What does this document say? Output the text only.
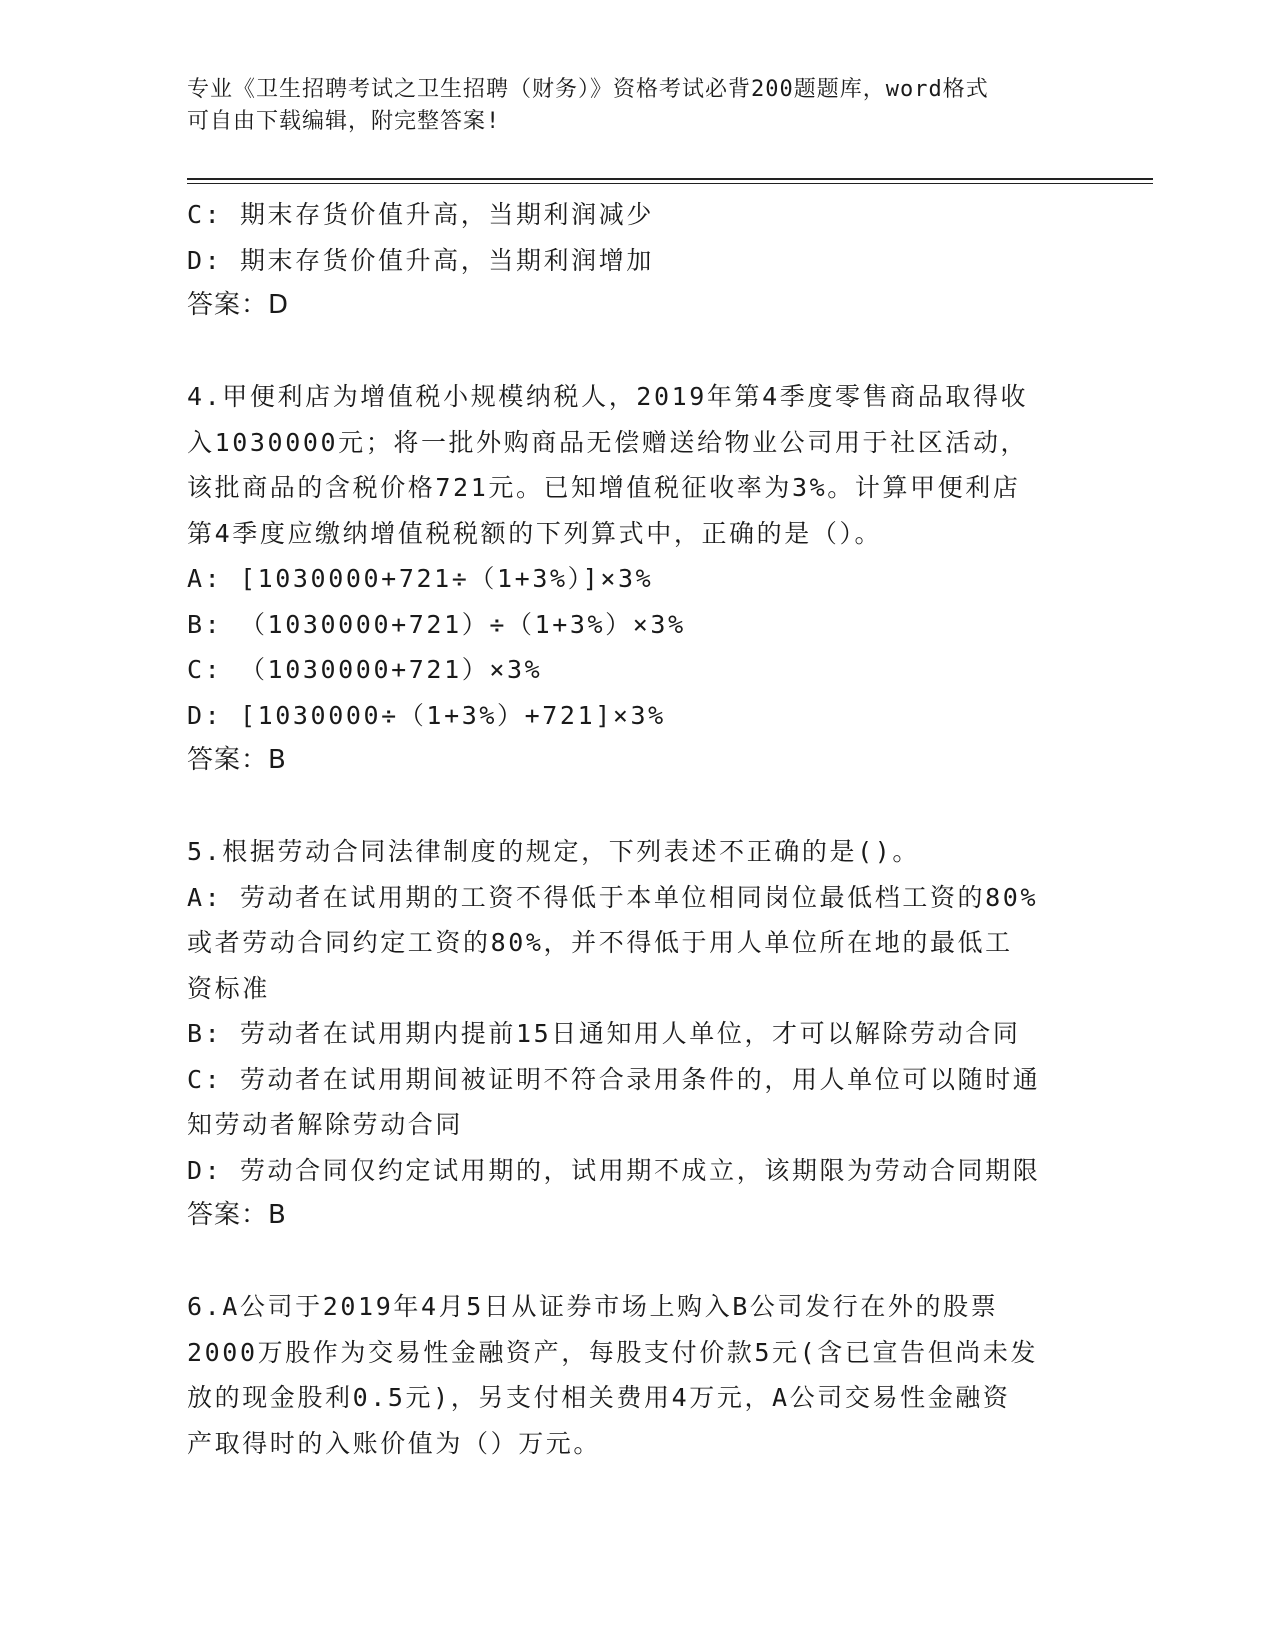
专业《卫生招聘考试之卫生招聘（财务）》资格考试必背200题题库，word格式
可自由下载编辑，附完整答案!
C: 期末存货价值升高，当期利润减少
D: 期末存货价值升高，当期利润增加
答案：D
4.甲便利店为增值税小规模纳税人，2019年第4季度零售商品取得收
入1030000元；将一批外购商品无偿赠送给物业公司用于社区活动，
该批商品的含税价格721元。已知增值税征收率为3%。计算甲便利店
第4季度应缴纳增值税税额的下列算式中，正确的是（）。
A: [1030000+721÷（1+3%）]×3%
B: （1030000+721）÷（1+3%）×3%
C: （1030000+721）×3%
D: [1030000÷（1+3%）+721]×3%
答案：B
5.根据劳动合同法律制度的规定，下列表述不正确的是()。
A: 劳动者在试用期的工资不得低于本单位相同岗位最低档工资的80%
或者劳动合同约定工资的80%，并不得低于用人单位所在地的最低工
资标准
B: 劳动者在试用期内提前15日通知用人单位，才可以解除劳动合同
C: 劳动者在试用期间被证明不符合录用条件的，用人单位可以随时通
知劳动者解除劳动合同
D: 劳动合同仅约定试用期的，试用期不成立，该期限为劳动合同期限
答案：B
6.A公司于2019年4月5日从证券市场上购入B公司发行在外的股票
2000万股作为交易性金融资产，每股支付价款5元(含已宣告但尚未发
放的现金股利0.5元)，另支付相关费用4万元，A公司交易性金融资
产取得时的入账价值为（）万元。
